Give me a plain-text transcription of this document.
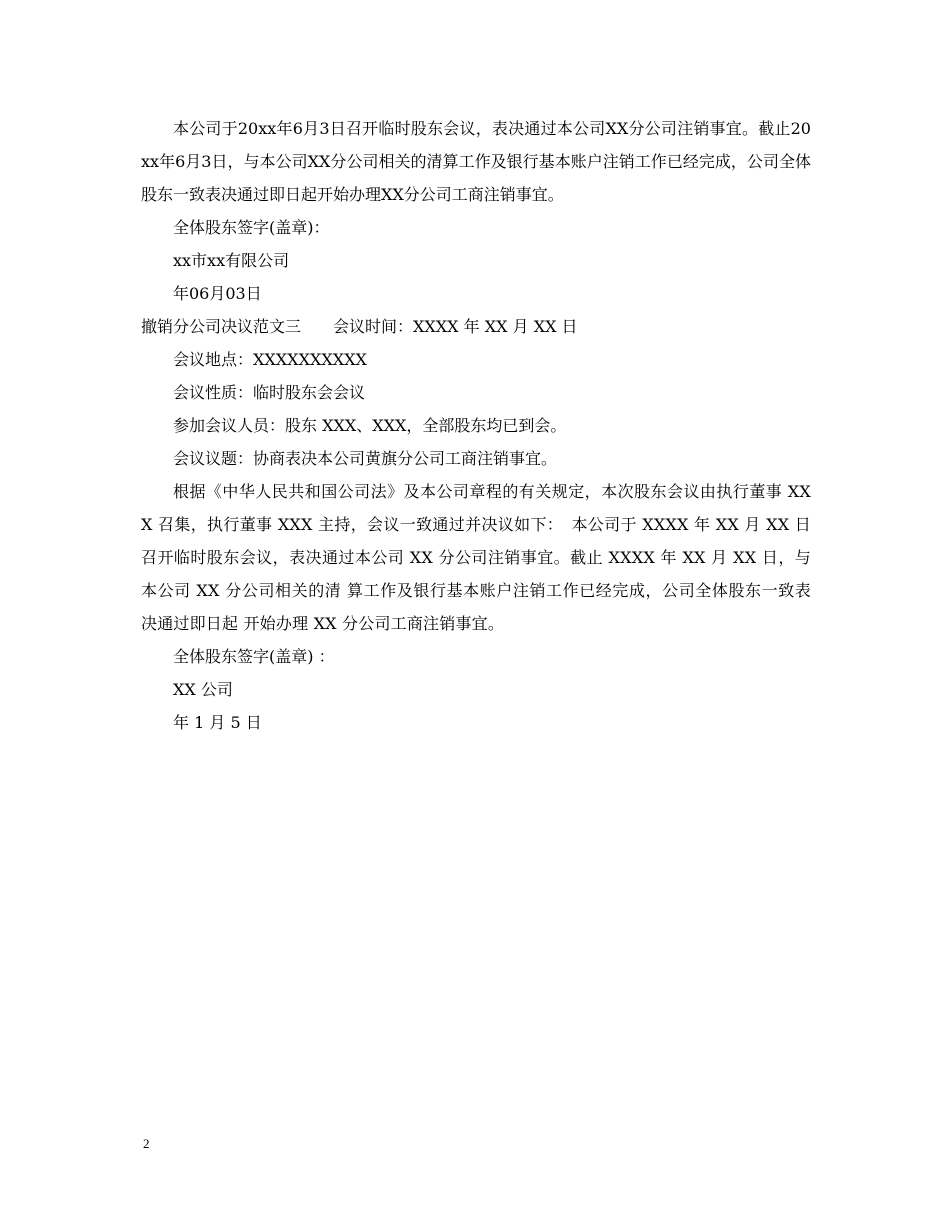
本公司于20xx年6月3日召开临时股东会议，表决通过本公司XX分公司注销事宜。截止20xx年6月3日，与本公司XX分公司相关的清算工作及银行基本账户注销工作已经完成，公司全体股东一致表决通过即日起开始办理XX分公司工商注销事宜。

全体股东签字(盖章)：

xx市xx有限公司

年06月03日

撤销分公司决议范文三　　会议时间：XXXX 年 XX 月 XX 日

会议地点：XXXXXXXXXX

会议性质：临时股东会会议

参加会议人员：股东 XXX、XXX，全部股东均已到会。

会议议题：协商表决本公司黄旗分公司工商注销事宜。

根据《中华人民共和国公司法》及本公司章程的有关规定，本次股东会议由执行董事 XXX 召集，执行董事 XXX 主持，会议一致通过并决议如下：　本公司于 XXXX 年 XX 月 XX 日召开临时股东会议，表决通过本公司 XX 分公司注销事宜。截止 XXXX 年 XX 月 XX 日，与本公司 XX 分公司相关的清 算工作及银行基本账户注销工作已经完成，公司全体股东一致表决通过即日起 开始办理 XX 分公司工商注销事宜。

全体股东签字(盖章) ：

XX 公司

年 1 月 5 日

2
